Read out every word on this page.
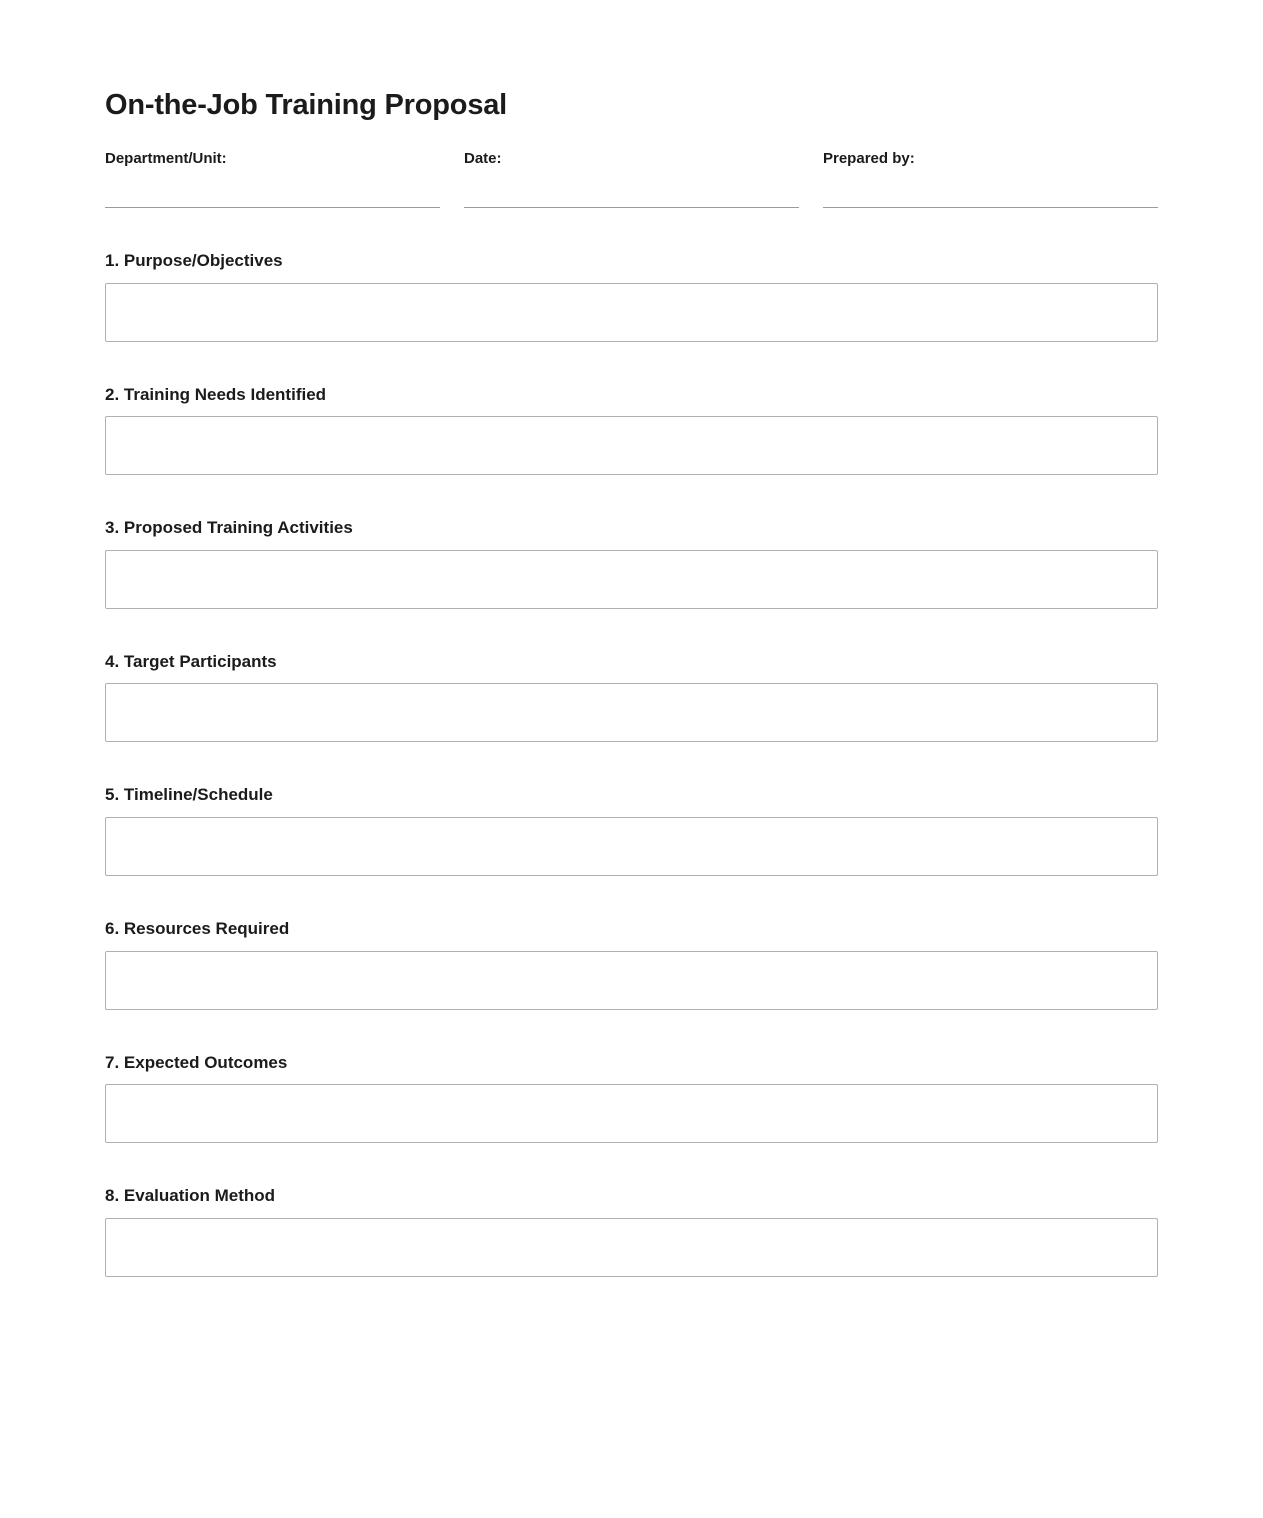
On-the-Job Training Proposal
Department/Unit:	Date:	Prepared by:
1. Purpose/Objectives
2. Training Needs Identified
3. Proposed Training Activities
4. Target Participants
5. Timeline/Schedule
6. Resources Required
7. Expected Outcomes
8. Evaluation Method
